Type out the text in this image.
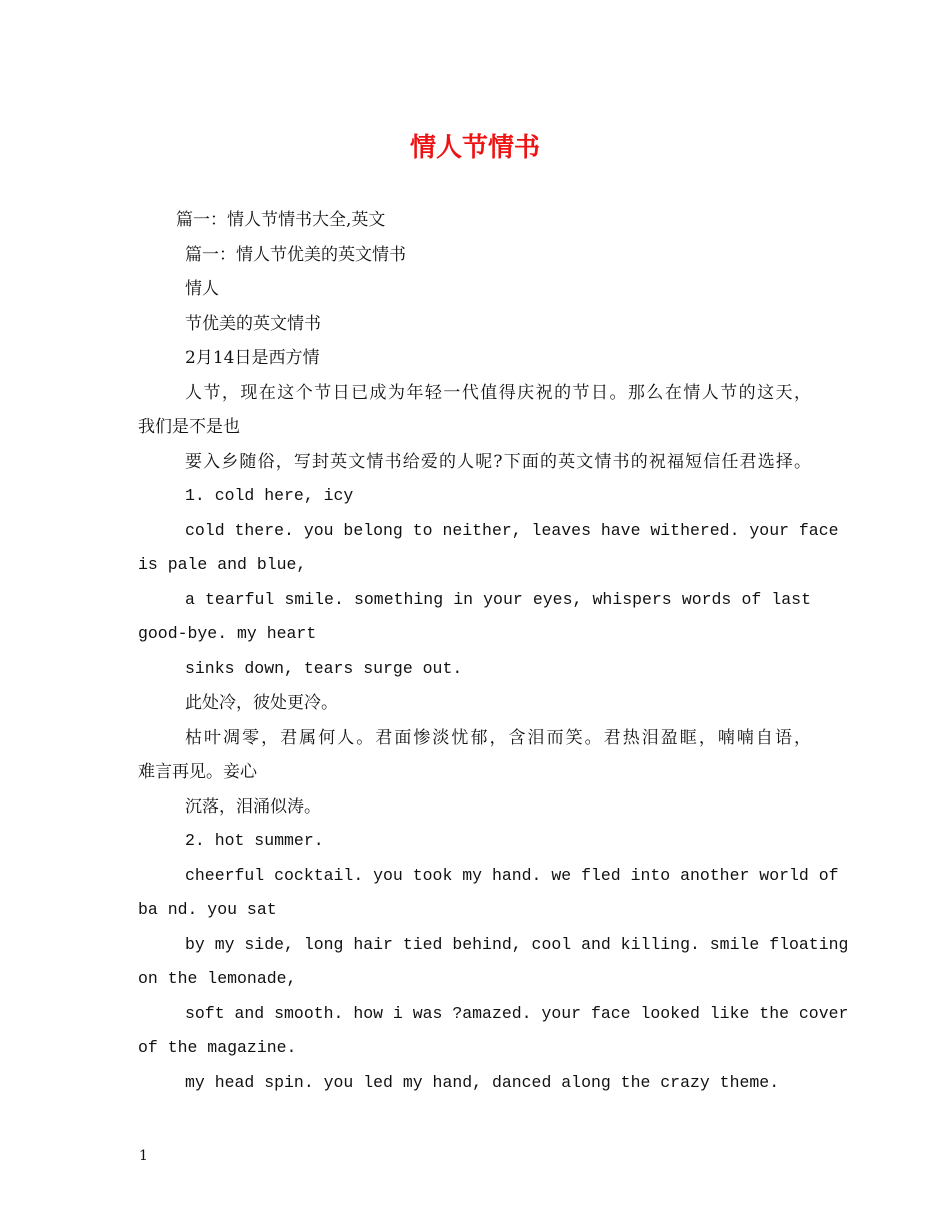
情人节情书

篇一：情人节情书大全,英文

篇一：情人节优美的英文情书

情人

节优美的英文情书

2月14日是西方情

人节，现在这个节日已成为年轻一代值得庆祝的节日。那么在情人节的这天，

我们是不是也

要入乡随俗，写封英文情书给爱的人呢?下面的英文情书的祝福短信任君选择。

1. cold here, icy

cold there. you belong to neither, leaves have withered. your face

is pale and blue,

a tearful smile. something in your eyes, whispers words of last

good-bye. my heart

sinks down, tears surge out.

此处冷，彼处更冷。

枯叶凋零，君属何人。君面惨淡忧郁，含泪而笑。君热泪盈眶，喃喃自语，

难言再见。妾心

沉落，泪涌似涛。

2. hot summer.

cheerful cocktail. you took my hand. we fled into another world of

ba nd. you sat

by my side, long hair tied behind, cool and killing. smile floating

on the lemonade,

soft and smooth. how i was ?amazed. your face looked like the cover

of the magazine.

my head spin. you led my hand, danced along the crazy theme.

1
